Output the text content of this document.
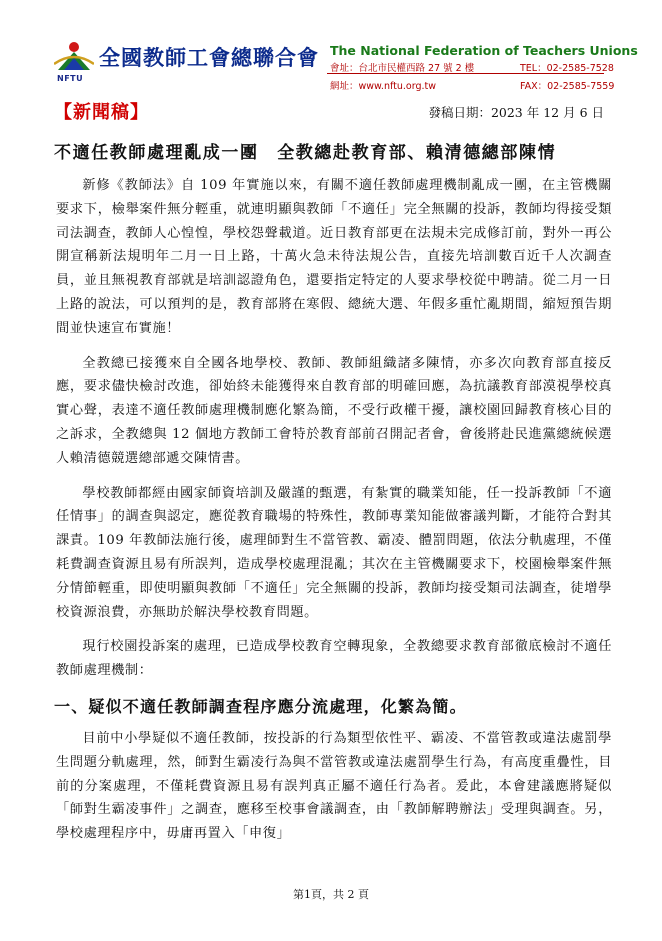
NFTU
全國教師工會總聯合會 The National Federation of Teachers Unions
會址：台北市民權西路 27 號 2 樓
網址：www.nftu.org.tw
TEL：02-2585-7528
FAX：02-2585-7559
【新聞稿】	發稿日期：2023 年 12 月 6 日
不適任教師處理亂成一團　全教總赴教育部、賴清德總部陳情

新修《教師法》自 109 年實施以來，有關不適任教師處理機制亂成一團，在主管機關要求下，檢舉案件無分輕重，就連明顯與教師「不適任」完全無關的投訴，教師均得接受類司法調查，教師人心惶惶，學校怨聲載道。近日教育部更在法規未完成修訂前，對外一再公開宣稱新法規明年二月一日上路，十萬火急未待法規公告，直接先培訓數百近千人次調查員，並且無視教育部就是培訓認證角色，還要指定特定的人要求學校從中聘請。從二月一日上路的說法，可以預判的是，教育部將在寒假、總統大選、年假多重忙亂期間，縮短預告期間並快速宣布實施！

全教總已接獲來自全國各地學校、教師、教師組織諸多陳情，亦多次向教育部直接反應，要求儘快檢討改進，卻始終未能獲得來自教育部的明確回應，為抗議教育部漠視學校真實心聲，表達不適任教師處理機制應化繁為簡，不受行政權干擾，讓校園回歸教育核心目的之訴求，全教總與 12 個地方教師工會特於教育部前召開記者會，會後將赴民進黨總統候選人賴清德競選總部遞交陳情書。

學校教師都經由國家師資培訓及嚴謹的甄選，有紮實的職業知能，任一投訴教師「不適任情事」的調查與認定，應從教育職場的特殊性，教師專業知能做審議判斷，才能符合對其課責。109 年教師法施行後，處理師對生不當管教、霸凌、體罰問題，依法分軌處理，不僅耗費調查資源且易有所誤判，造成學校處理混亂；其次在主管機關要求下，校園檢舉案件無分情節輕重，即使明顯與教師「不適任」完全無關的投訴，教師均接受類司法調查，徒增學校資源浪費，亦無助於解決學校教育問題。

現行校園投訴案的處理，已造成學校教育空轉現象，全教總要求教育部徹底檢討不適任教師處理機制：

一、疑似不適任教師調查程序應分流處理，化繁為簡。

目前中小學疑似不適任教師，按投訴的行為類型依性平、霸凌、不當管教或違法處罰學生問題分軌處理，然，師對生霸凌行為與不當管教或違法處罰學生行為，有高度重疊性，目前的分案處理，不僅耗費資源且易有誤判真正屬不適任行為者。爰此，本會建議應將疑似「師對生霸凌事件」之調查，應移至校事會議調查，由「教師解聘辦法」受理與調查。另，學校處理程序中，毋庸再置入「申復」

第1頁，共 2 頁
